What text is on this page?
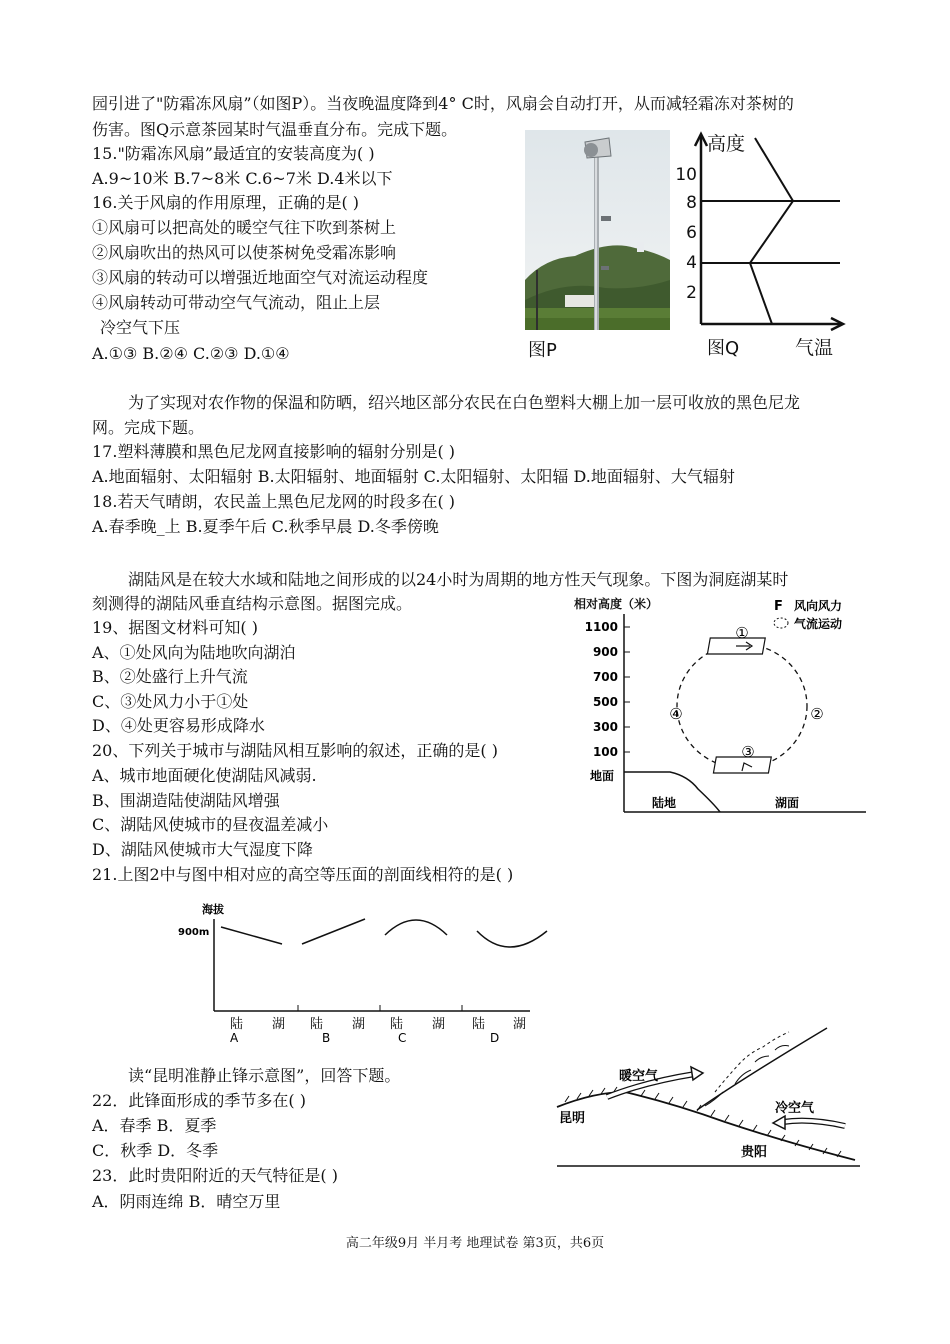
园引进了"防霜冻风扇”（如图P）。当夜晚温度降到4° C时，风扇会自动打开，从而减轻霜冻对茶树的
伤害。图Q示意茶园某时气温垂直分布。完成下题。
15."防霜冻风扇”最适宜的安装高度为( )
A.9~10米 B.7~8米 C.6~7米 D.4米以下
16.关于风扇的作用原理，正确的是( )
①风扇可以把高处的暖空气往下吹到茶树上
②风扇吹出的热风可以使茶树免受霜冻影响
③风扇的转动可以增强近地面空气对流运动程度
④风扇转动可带动空气气流动，阻止上层
冷空气下压
A.①③ B.②④ C.②③ D.①④	图P
高度
2
4
6
8
10
图Q	气温
为了实现对农作物的保温和防晒，绍兴地区部分农民在白色塑料大棚上加一层可收放的黑色尼龙
网。完成下题。
17.塑料薄膜和黑色尼龙网直接影响的辐射分别是( )
A.地面辐射、太阳辐射 B.太阳辐射、地面辐射 C.太阳辐射、太阳辐 D.地面辐射、大气辐射
18.若天气晴朗，农民盖上黑色尼龙网的时段多在( )
A.春季晚_上 B.夏季午后 C.秋季早晨 D.冬季傍晚
湖陆风是在较大水域和陆地之间形成的以24小时为周期的地方性天气现象。下图为洞庭湖某时
刻测得的湖陆风垂直结构示意图。据图完成。
19、据图文材料可知( )
A、①处风向为陆地吹向湖泊
B、②处盛行上升气流
C、③处风力小于①处
D、④处更容易形成降水
20、下列关于城市与湖陆风相互影响的叙述，正确的是( )
A、城市地面硬化使湖陆风减弱.
B、围湖造陆使湖陆风增强
C、湖陆风使城市的昼夜温差减小
D、湖陆风使城市大气湿度下降
21.上图2中与图中相对应的高空等压面的剖面线相符的是( )
相对高度（米）
1100
900
700
500
300
100
地面
陆地	湖面
①
③
②
④
F 风向风力
气流运动
海拔
900m
陆 湖 陆 湖 陆 湖 陆 湖
A	B	C	D
读“昆明准静止锋示意图”，回答下题。
22．此锋面形成的季节多在( )
A．春季 B．夏季
C．秋季 D．冬季
23．此时贵阳附近的天气特征是( )
A．阴雨连绵 B．晴空万里
暖空气
冷空气
昆明
贵阳
高二年级9月 半月考 地理试卷 第3页，共6页
